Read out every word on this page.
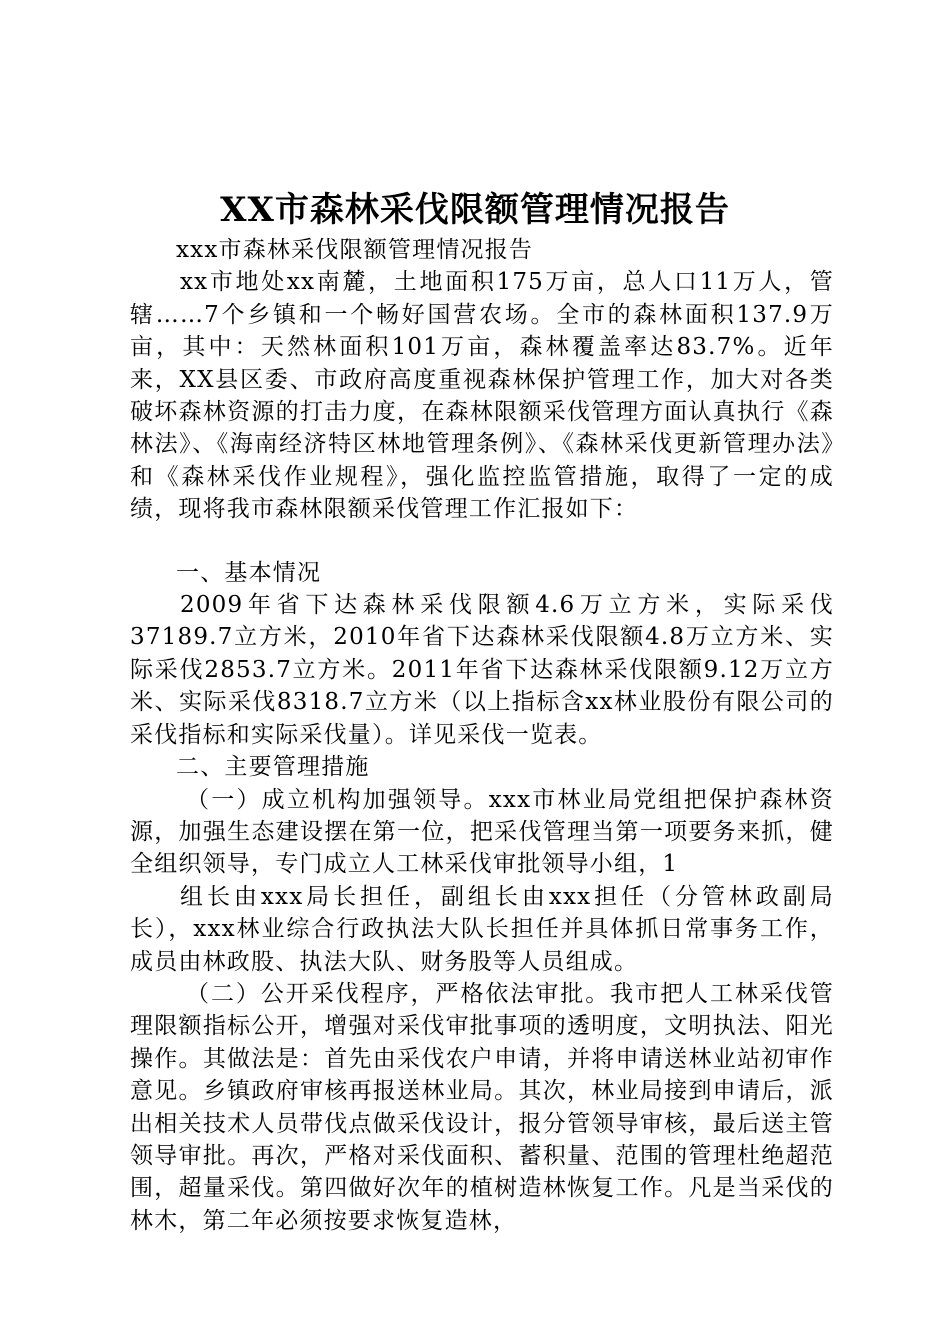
XX市森林采伐限额管理情况报告

xxx市森林采伐限额管理情况报告

xx市地处xx南麓，土地面积175万亩，总人口11万人，管辖……7个乡镇和一个畅好国营农场。全市的森林面积137.9万亩，其中：天然林面积101万亩，森林覆盖率达83.7%。近年来，XX县区委、市政府高度重视森林保护管理工作，加大对各类破坏森林资源的打击力度，在森林限额采伐管理方面认真执行《森林法》、《海南经济特区林地管理条例》、《森林采伐更新管理办法》和《森林采伐作业规程》，强化监控监管措施，取得了一定的成绩，现将我市森林限额采伐管理工作汇报如下：

一、基本情况

2009年省下达森林采伐限额4.6万立方米，实际采伐37189.7立方米，2010年省下达森林采伐限额4.8万立方米、实际采伐2853.7立方米。2011年省下达森林采伐限额9.12万立方米、实际采伐8318.7立方米（以上指标含xx林业股份有限公司的采伐指标和实际采伐量）。详见采伐一览表。

二、主要管理措施

（一）成立机构加强领导。xxx市林业局党组把保护森林资源，加强生态建设摆在第一位，把采伐管理当第一项要务来抓，健全组织领导，专门成立人工林采伐审批领导小组，1

组长由xxx局长担任，副组长由xxx担任（分管林政副局长），xxx林业综合行政执法大队长担任并具体抓日常事务工作，成员由林政股、执法大队、财务股等人员组成。

（二）公开采伐程序，严格依法审批。我市把人工林采伐管理限额指标公开，增强对采伐审批事项的透明度，文明执法、阳光操作。其做法是：首先由采伐农户申请，并将申请送林业站初审作意见。乡镇政府审核再报送林业局。其次，林业局接到申请后，派出相关技术人员带伐点做采伐设计，报分管领导审核，最后送主管领导审批。再次，严格对采伐面积、蓄积量、范围的管理杜绝超范围，超量采伐。第四做好次年的植树造林恢复工作。凡是当采伐的林木，第二年必须按要求恢复造林，
